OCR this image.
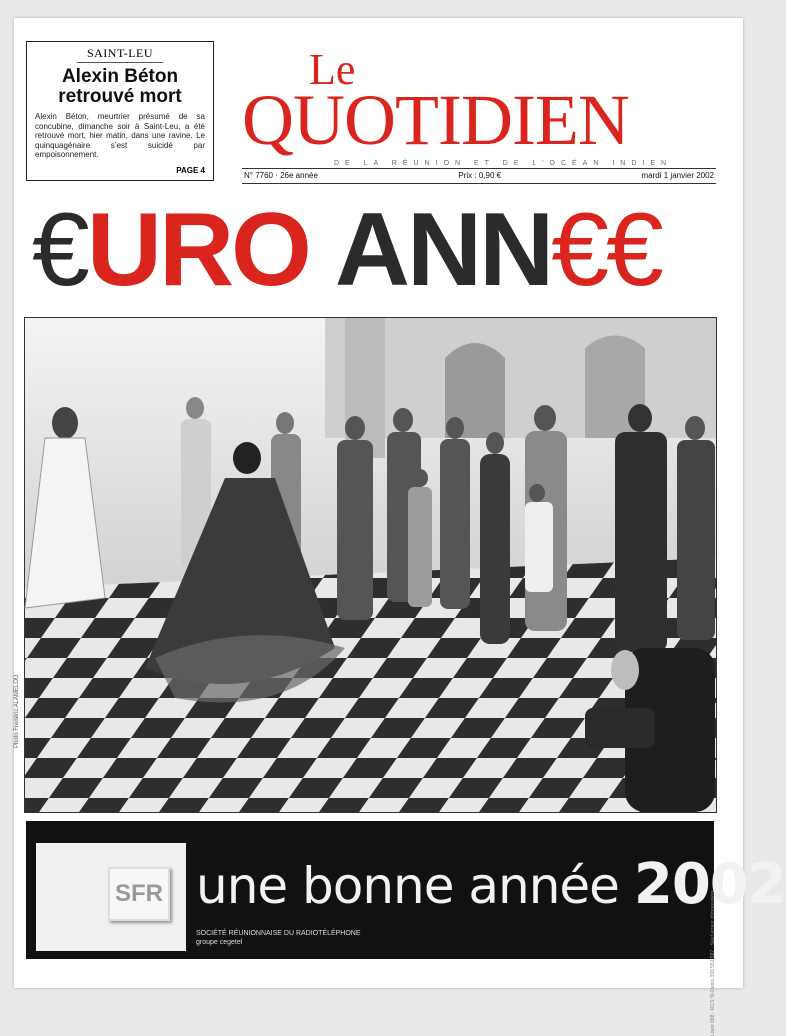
SAINT-LEU
Alexin Béton retrouvé mort
Alexin Béton, meurtrier présumé de sa concubine, dimanche soir à Saint-Leu, a été retrouvé mort, hier matin, dans une ravine. Le quinquagénaire s’est suicidé par empoisonnement.
PAGE 4
Le
QUOTIDIEN
DE LA RÉUNION ET DE L’OCÉAN INDIEN
N° 7760 · 26e année	Prix : 0,90 €	mardi 1 janvier 2002
€URO ANN€€
Photo Fredéric ALAMELOU
SFR une bonne année 2002
SOCIÉTÉ RÉUNIONNAISE DU RADIOTÉLÉPHONE
groupe cegetel	Lowe 888 · RCS St-Denis 393 551 597 · Sauf erreur d'impression
